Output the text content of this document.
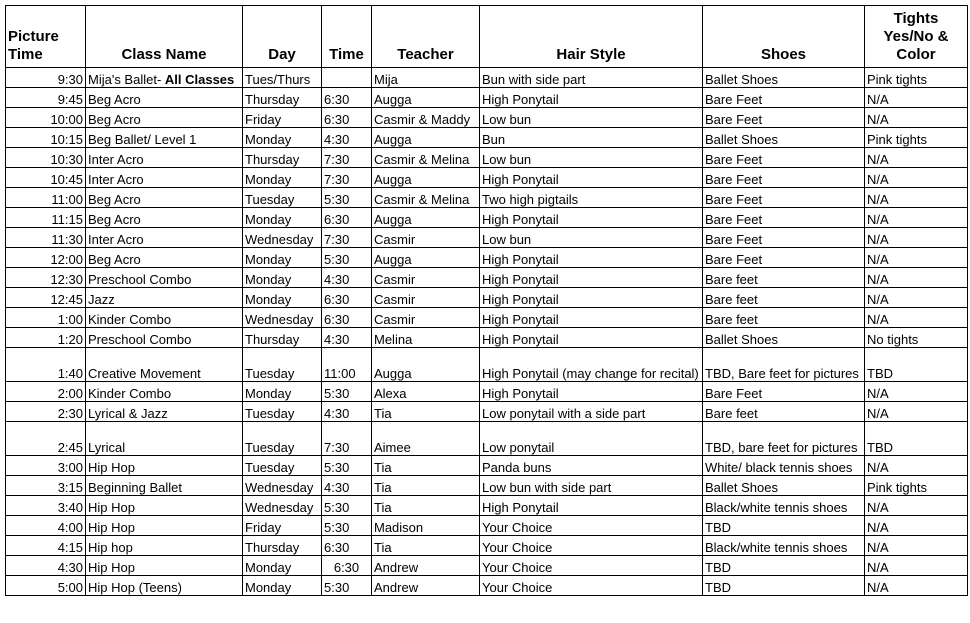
Picture Time	Class Name	Day	Time	Teacher	Hair Style	Shoes	Tights Yes/No & Color
9:30	Mija's Ballet- All Classes	Tues/Thurs		Mija	Bun with side part	Ballet Shoes	Pink tights
9:45	Beg Acro	Thursday	6:30	Augga	High Ponytail	Bare Feet	N/A
10:00	Beg Acro	Friday	6:30	Casmir & Maddy	Low bun	Bare Feet	N/A
10:15	Beg Ballet/ Level 1	Monday	4:30	Augga	Bun	Ballet Shoes	Pink tights
10:30	Inter Acro	Thursday	7:30	Casmir & Melina	Low bun	Bare Feet	N/A
10:45	Inter Acro	Monday	7:30	Augga	High Ponytail	Bare Feet	N/A
11:00	Beg Acro	Tuesday	5:30	Casmir & Melina	Two high pigtails	Bare Feet	N/A
11:15	Beg Acro	Monday	6:30	Augga	High Ponytail	Bare Feet	N/A
11:30	Inter Acro	Wednesday	7:30	Casmir	Low bun	Bare Feet	N/A
12:00	Beg Acro	Monday	5:30	Augga	High Ponytail	Bare Feet	N/A
12:30	Preschool Combo	Monday	4:30	Casmir	High Ponytail	Bare feet	N/A
12:45	Jazz	Monday	6:30	Casmir	High Ponytail	Bare feet	N/A
1:00	Kinder Combo	Wednesday	6:30	Casmir	High Ponytail	Bare feet	N/A
1:20	Preschool Combo	Thursday	4:30	Melina	High Ponytail	Ballet Shoes	No tights
1:40	Creative Movement	Tuesday	11:00	Augga	High Ponytail (may change for recital)	TBD, Bare feet for pictures	TBD
2:00	Kinder Combo	Monday	5:30	Alexa	High Ponytail	Bare Feet	N/A
2:30	Lyrical & Jazz	Tuesday	4:30	Tia	Low ponytail with a side part	Bare feet	N/A
2:45	Lyrical	Tuesday	7:30	Aimee	Low ponytail	TBD, bare feet for pictures	TBD
3:00	Hip Hop	Tuesday	5:30	Tia	Panda buns	White/ black tennis shoes	N/A
3:15	Beginning Ballet	Wednesday	4:30	Tia	Low bun with side part	Ballet Shoes	Pink tights
3:40	Hip Hop	Wednesday	5:30	Tia	High Ponytail	Black/white tennis shoes	N/A
4:00	Hip Hop	Friday	5:30	Madison	Your Choice	TBD	N/A
4:15	Hip hop	Thursday	6:30	Tia	Your Choice	Black/white tennis shoes	N/A
4:30	Hip Hop	Monday	6:30	Andrew	Your Choice	TBD	N/A
5:00	Hip Hop (Teens)	Monday	5:30	Andrew	Your Choice	TBD	N/A
